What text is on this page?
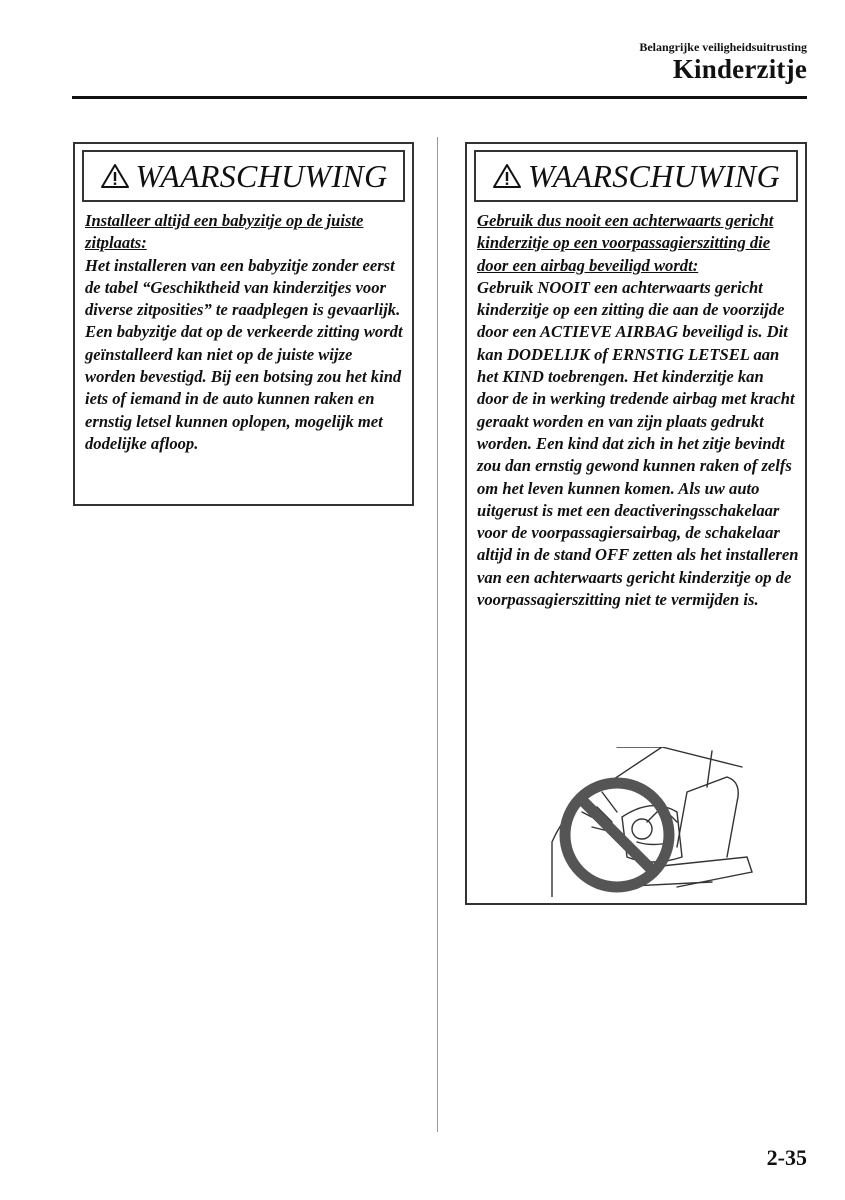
Belangrijke veiligheidsuitrusting
Kinderzitje
WAARSCHUWING
Installeer altijd een babyzitje op de juiste zitplaats:
Het installeren van een babyzitje zonder eerst de tabel “Geschiktheid van kinderzitjes voor diverse zitposities” te raadplegen is gevaarlijk. Een babyzitje dat op de verkeerde zitting wordt geïnstalleerd kan niet op de juiste wijze worden bevestigd. Bij een botsing zou het kind iets of iemand in de auto kunnen raken en ernstig letsel kunnen oplopen, mogelijk met dodelijke afloop.
WAARSCHUWING
Gebruik dus nooit een achterwaarts gericht kinderzitje op een voorpassagierszitting die door een airbag beveiligd wordt:
Gebruik NOOIT een achterwaarts gericht kinderzitje op een zitting die aan de voorzijde door een ACTIEVE AIRBAG beveiligd is. Dit kan DODELIJK of ERNSTIG LETSEL aan het KIND toebrengen. Het kinderzitje kan door de in werking tredende airbag met kracht geraakt worden en van zijn plaats gedrukt worden. Een kind dat zich in het zitje bevindt zou dan ernstig gewond kunnen raken of zelfs om het leven kunnen komen. Als uw auto uitgerust is met een deactiveringsschakelaar voor de voorpassagiersairbag, de schakelaar altijd in de stand OFF zetten als het installeren van een achterwaarts gericht kinderzitje op de voorpassagierszitting niet te vermijden is.
2-35
